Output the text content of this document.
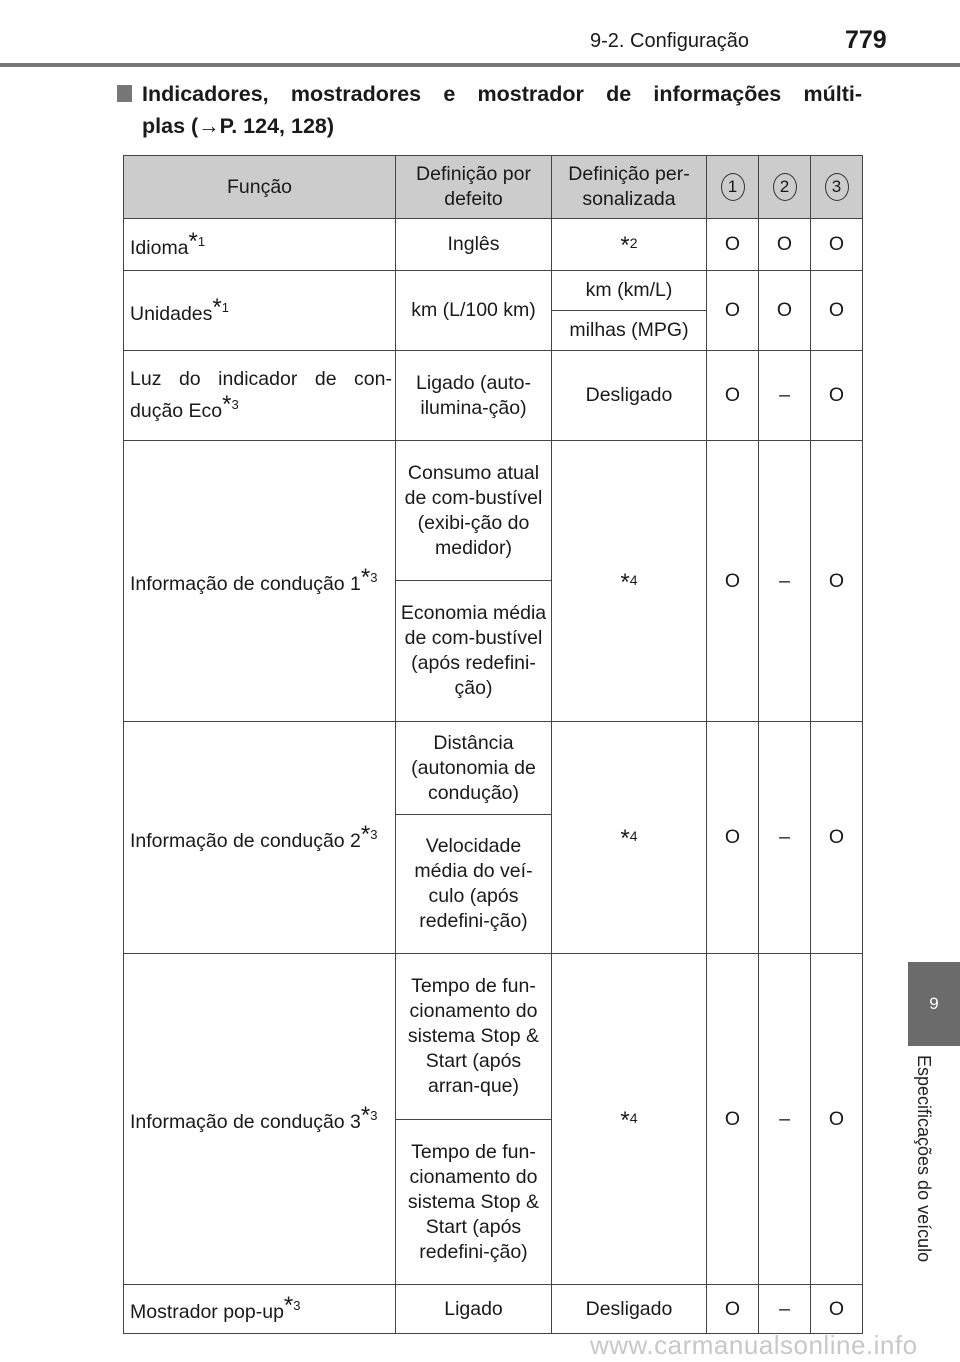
9-2. Configuração	779
Indicadores, mostradores e mostrador de informações múlti-
plas (→P. 124, 128)
Função	Definição por defeito	Definição per-sonalizada	1	2	3
Idioma$^{*1}$	Inglês	*2	O	O	O
Unidades$^{*1}$	km (L/100 km)	km (km/L)	O	O	O
		milhas (MPG)			
Luz do indicador de con-dução Eco$^{*3}$	Ligado (auto-ilumina-ção)	Desligado	O	–	O
Informação de condução 1$^{*3}$	Consumo atual de com-bustível (exibi-ção do medidor)	*4	O	–	O
	Economia média de com-bustível (após redefini-ção)				
Informação de condução 2$^{*3}$	Distância (autonomia de condução)	*4	O	–	O
	Velocidade média do veí-culo (após redefini-ção)				
Informação de condução 3$^{*3}$	Tempo de fun-cionamento do sistema Stop & Start (após arran-que)	*4	O	–	O
	Tempo de fun-cionamento do sistema Stop & Start (após redefini-ção)				
Mostrador pop-$up^{*3}$	Ligado	Desligado	O	–	O
9
Especificações do veículo
www.carmanualsonline.info
